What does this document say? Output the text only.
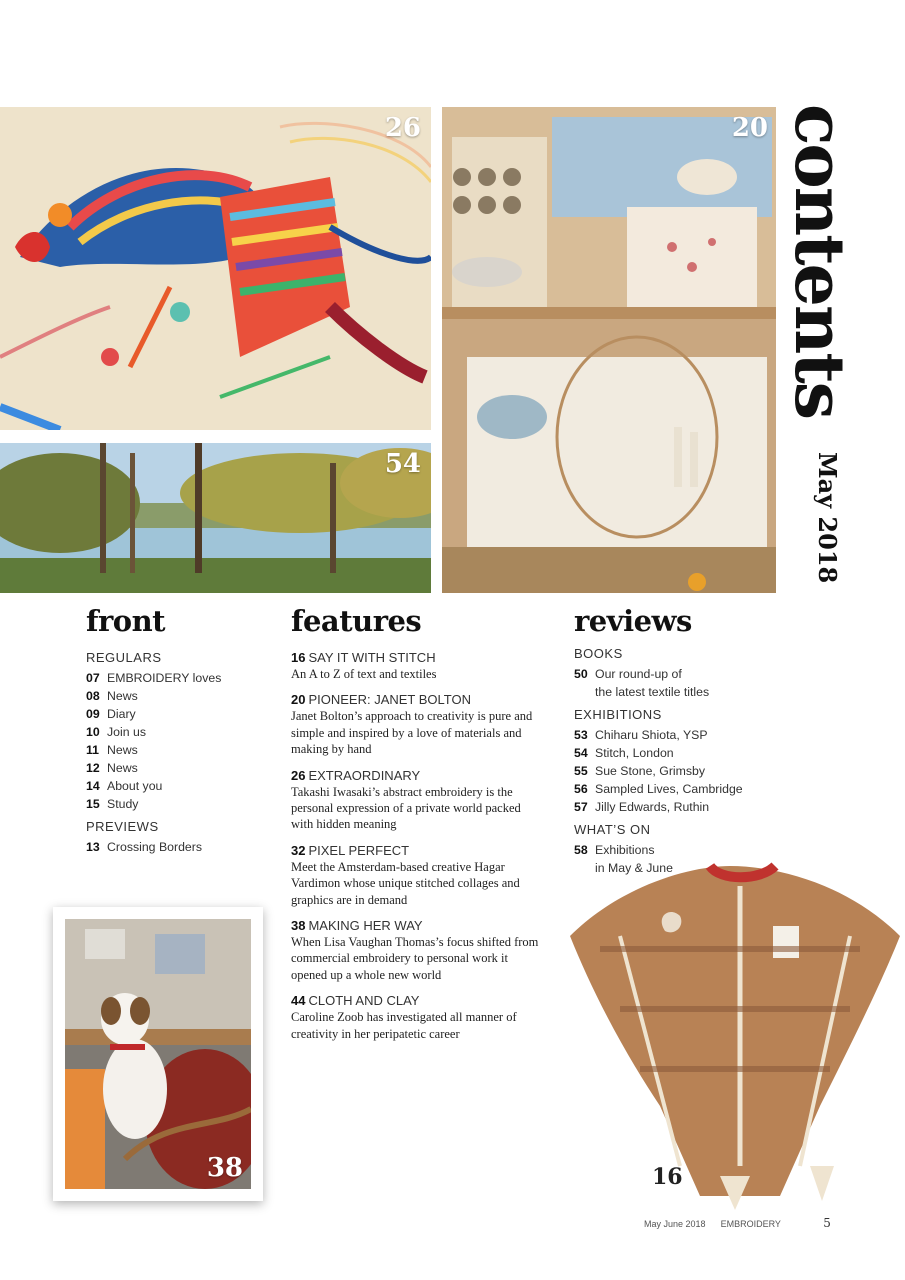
26
54
20 contents
May 2018
front
REGULARS
07 EMBROIDERY loves
08 News
09 Diary
10 Join us
11 News
12 News
14 About you
15 Study
PREVIEWS
13 Crossing Borders
features
16 SAY IT WITH STITCH
An A to Z of text and textiles
20 PIONEER: JANET BOLTON
Janet Bolton’s approach to creativity is pure and simple and inspired by a love of materials and making by hand
26 EXTRAORDINARY
Takashi Iwasaki’s abstract embroidery is the personal expression of a private world packed with hidden meaning
32 PIXEL PERFECT
Meet the Amsterdam-based creative Hagar Vardimon whose unique stitched collages and graphics are in demand
38 MAKING HER WAY
When Lisa Vaughan Thomas’s focus shifted from commercial embroidery to personal work it opened up a whole new world
44 CLOTH AND CLAY
Caroline Zoob has investigated all manner of creativity in her peripatetic career
reviews
BOOKS
50 Our round-up of
the latest textile titles
EXHIBITIONS
53 Chiharu Shiota, YSP
54 Stitch, London
55 Sue Stone, Grimsby
56 Sampled Lives, Cambridge
57 Jilly Edwards, Ruthin
WHAT’S ON
58 Exhibitions
in May & June
38	16
May June 2018 EMBROIDERY	5
